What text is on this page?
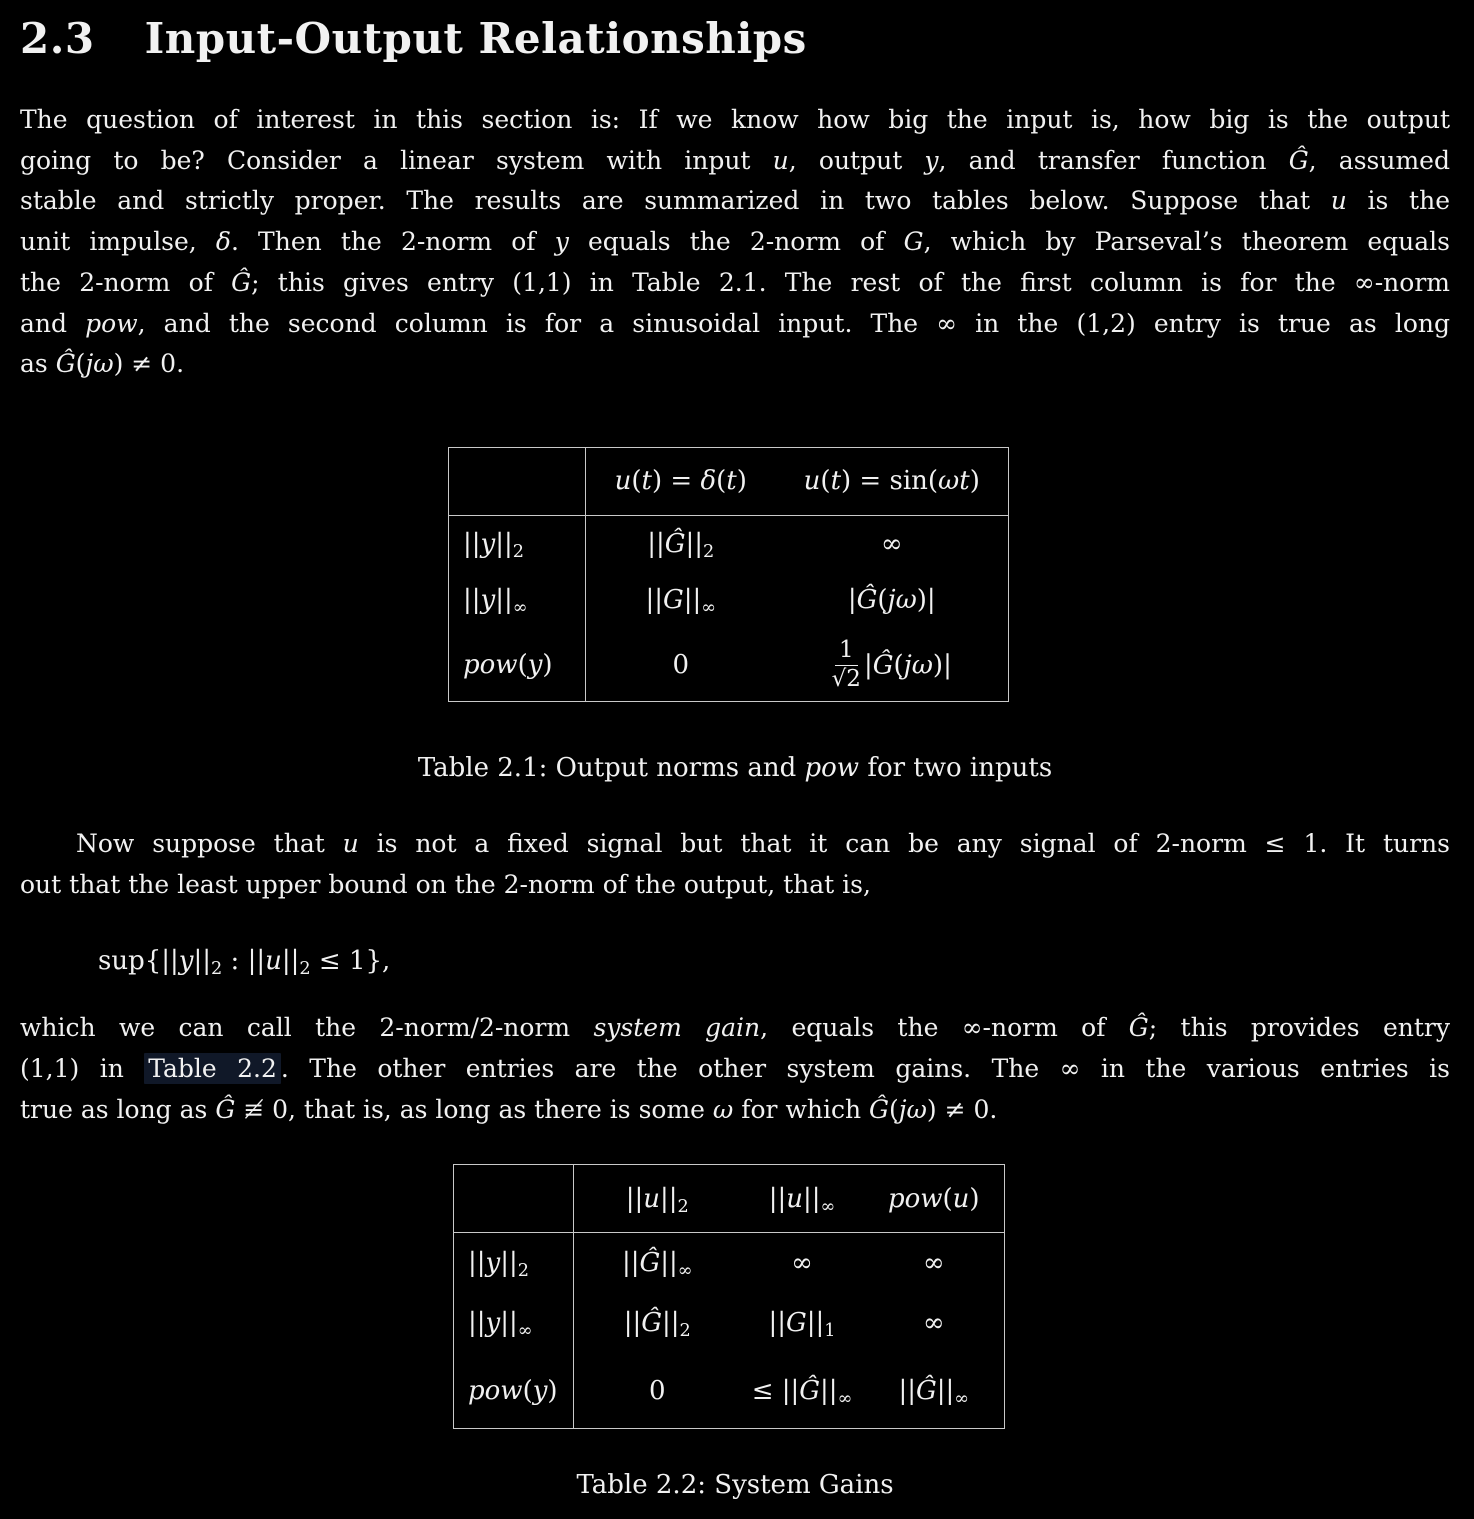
2.3 Input-Output Relationships
The question of interest in this section is: If we know how big the input is, how big is the output
going to be? Consider a linear system with input u, output y, and transfer function Ĝ, assumed
stable and strictly proper. The results are summarized in two tables below. Suppose that u is the
unit impulse, δ. Then the 2-norm of y equals the 2-norm of G, which by Parseval’s theorem equals
the 2-norm of Ĝ; this gives entry (1,1) in Table 2.1. The rest of the first column is for the ∞-norm
and pow, and the second column is for a sinusoidal input. The ∞ in the (1,2) entry is true as long
as Ĝ(jω) ≠ 0.
	u(t) = δ(t)	u(t) = sin(ωt)
$||y||_2$	$||Ĝ||_2$	∞
$||y||_\infty$	$||G||_\infty$	|Ĝ(jω)|
pow(y)	0	$\frac{1}{√2}$ |Ĝ(jω)|
Table 2.1: Output norms and pow for two inputs
Now suppose that u is not a fixed signal but that it can be any signal of 2-norm ≤ 1. It turns
out that the least upper bound on the 2-norm of the output, that is,
$sup\{||y||_2$ : $||u||_2 \le 1$},
which we can call the 2-norm/2-norm system gain, equals the ∞-norm of Ĝ; this provides entry
(1,1) in Table 2.2 . The other entries are the other system gains. The ∞ in the various entries is
true as long as Ĝ ≢ 0, that is, as long as there is some ω for which Ĝ(jω) ≠ 0.
	$||u||_2$	$||u||_\infty$	pow(u)
$||y||_2$	$||Ĝ||_\infty$	∞	∞
$||y||_\infty$	$||Ĝ||_2$	$||G||_1$	∞
pow(y)	0	≤ $||Ĝ||_\infty$	$||Ĝ||_\infty$
Table 2.2: System Gains
